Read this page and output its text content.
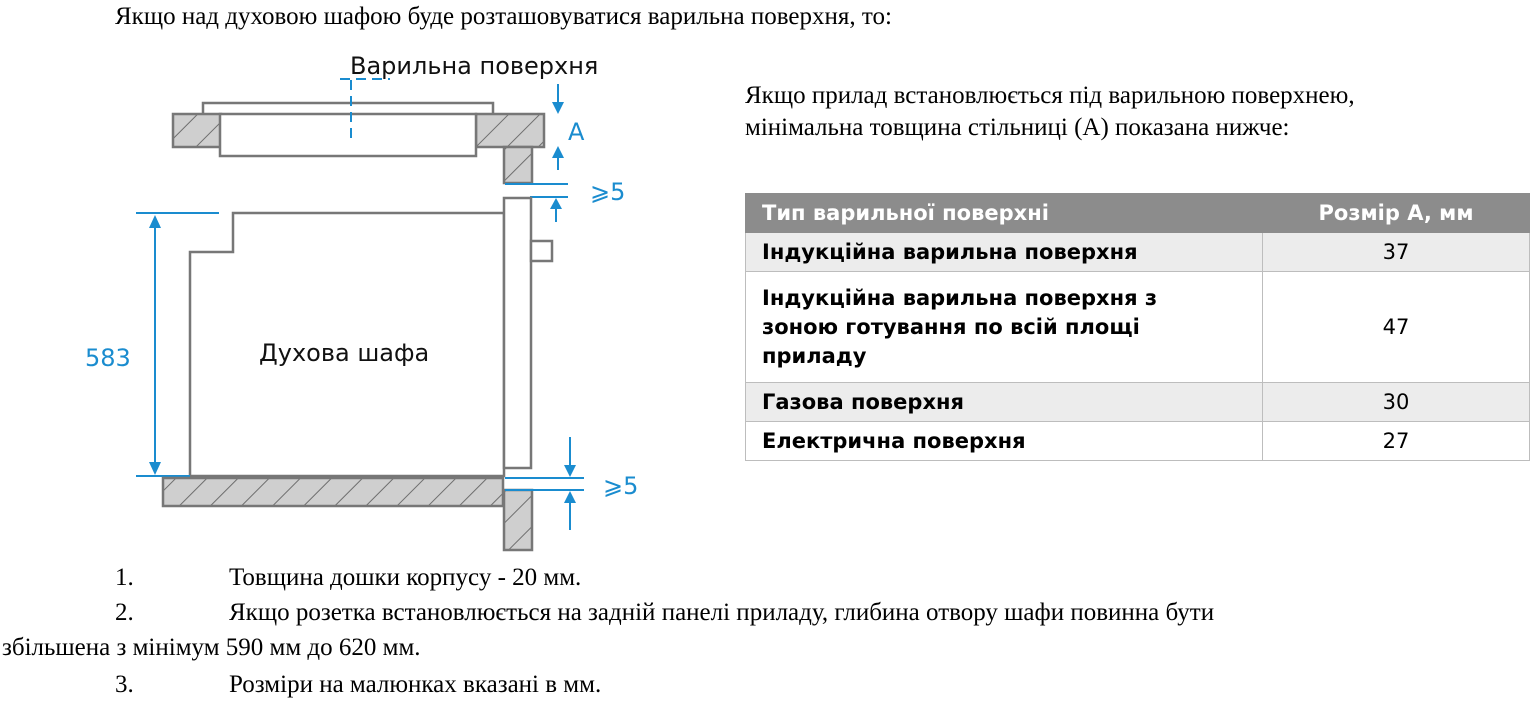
Якщо над духовою шафою буде розташовуватися варильна поверхня, то:
Варильна поверхня
A
⩾5
Духова шафа
583
⩾5
Якщо прилад встановлюється під варильною поверхнею,
мінімальна товщина стільниці (А) показана нижче:
Тип варильної поверхні	Розмір A, мм
Індукційна варильна поверхня	37

Індукційна варильна поверхня з
зоною готування по всій площі
приладу	47
Газова поверхня	30
Електрична поверхня	27
1.	Товщина дошки корпусу - 20 мм.
2.	Якщо розетка встановлюється на задній панелі приладу, глибина отвору шафи повинна бути
збільшена з мінімум 590 мм до 620 мм.
3.	Розміри на малюнках вказані в мм.
